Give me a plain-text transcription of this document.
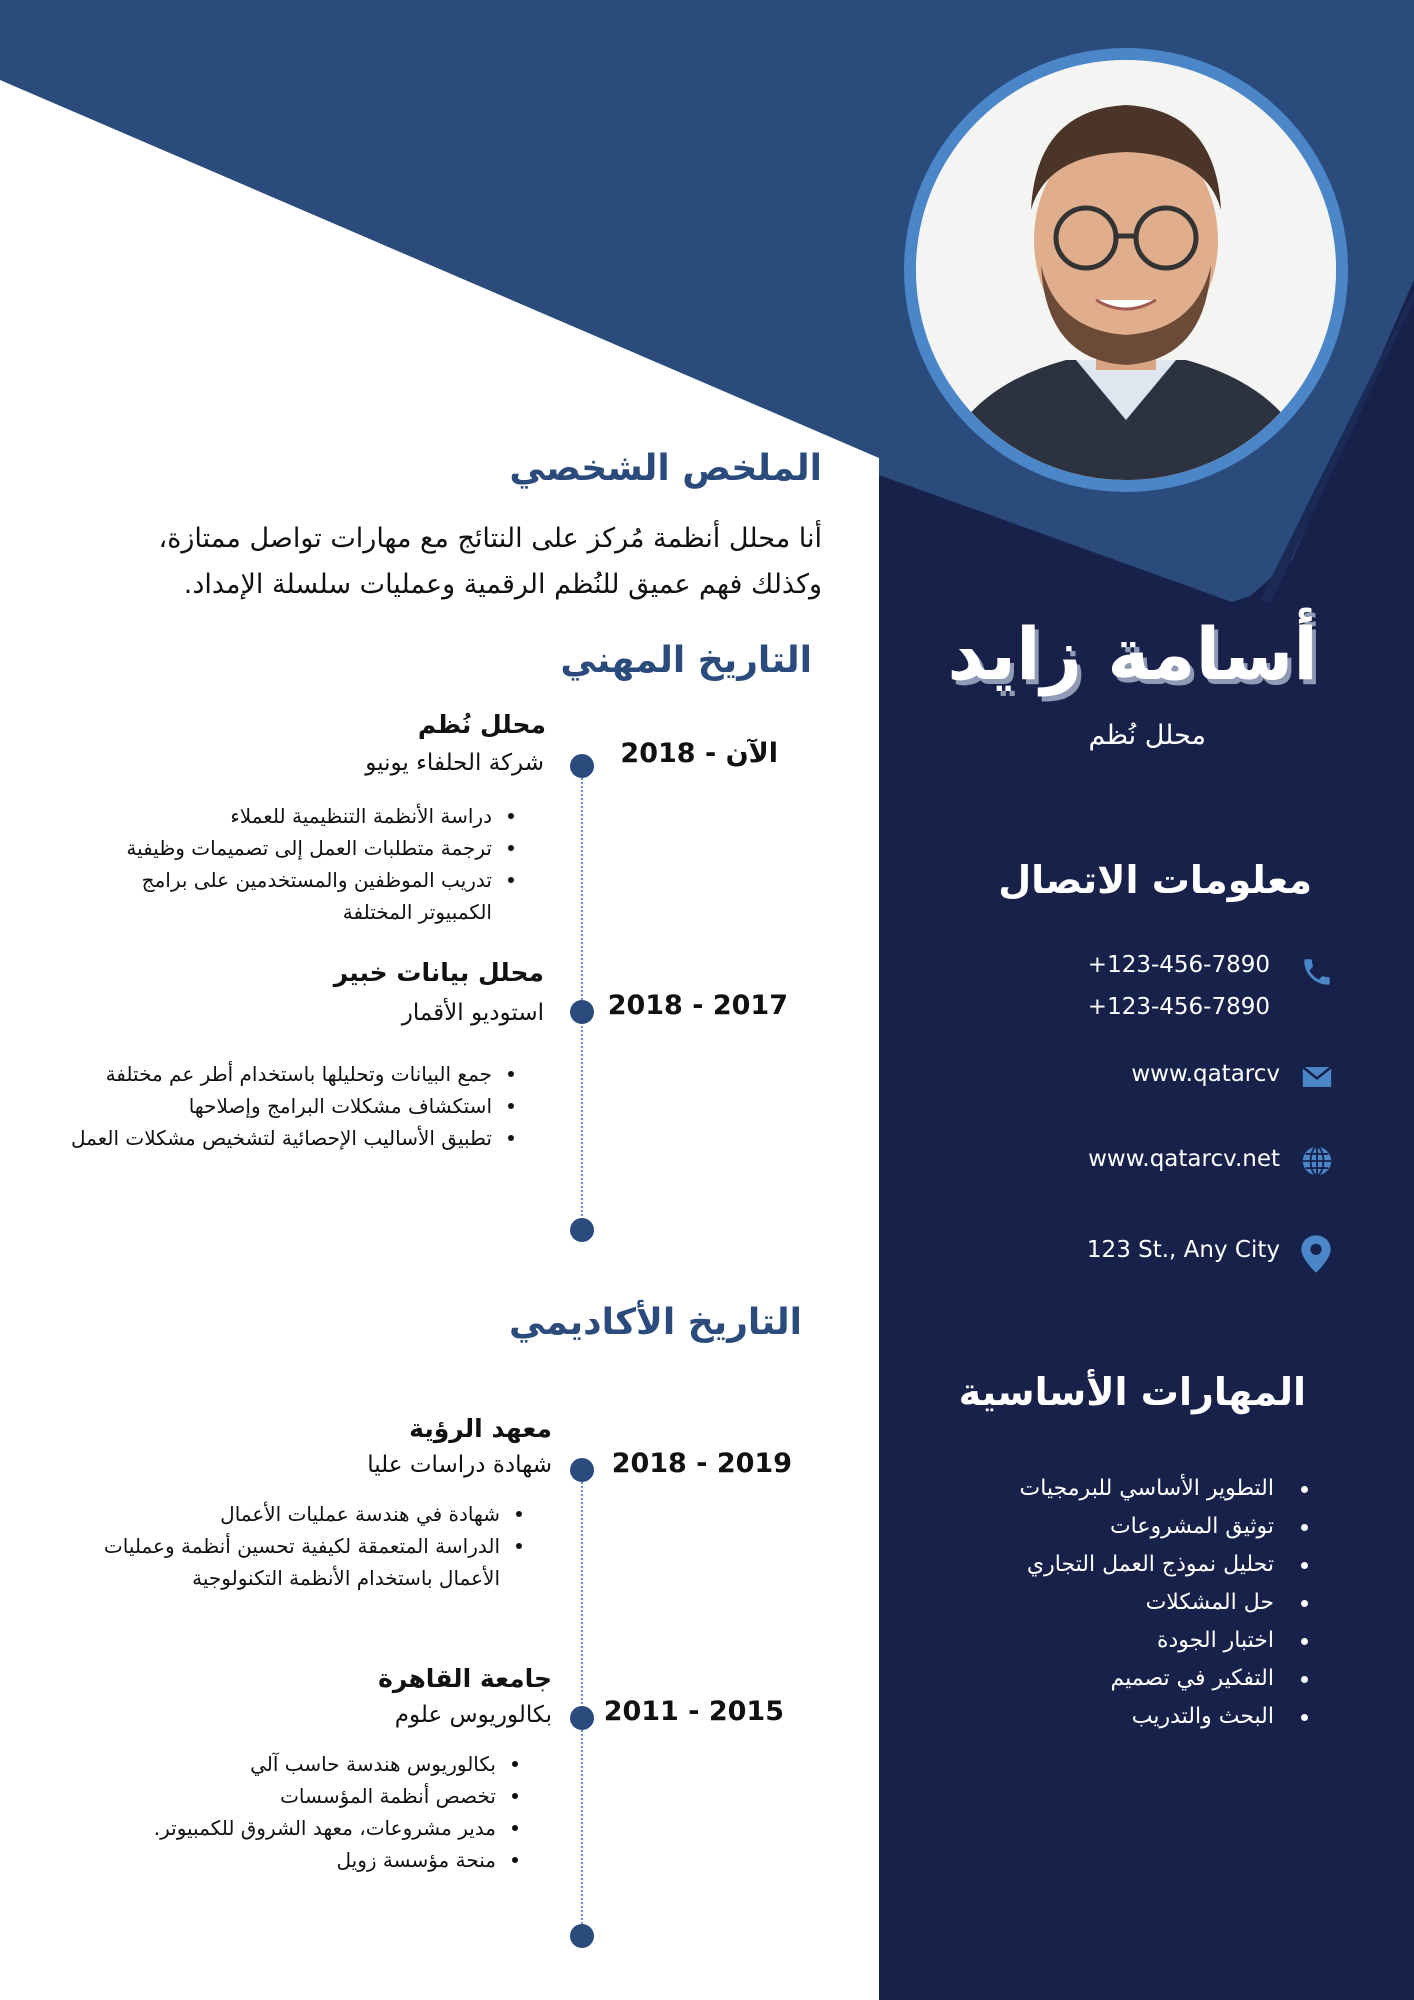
أسامة زايد
محلل نُظم
معلومات الاتصال
+123-456-7890
+123-456-7890
www.qatarcv
www.qatarcv.net
123 St., Any City
المهارات الأساسية
التطوير الأساسي للبرمجيات
توثيق المشروعات
تحليل نموذج العمل التجاري
حل المشكلات
اختبار الجودة
التفكير في تصميم
البحث والتدريب
الملخص الشخصي
أنا محلل أنظمة مُركز على النتائج مع مهارات تواصل ممتازة، وكذلك فهم عميق للنُظم الرقمية وعمليات سلسلة الإمداد.
التاريخ المهني
الآن - 2018
محلل نُظم
شركة الحلفاء يونيو
دراسة الأنظمة التنظيمية للعملاء
ترجمة متطلبات العمل إلى تصميمات وظيفية
تدريب الموظفين والمستخدمين على برامج الكمبيوتر المختلفة
2018 - 2017
محلل بيانات خبير
استوديو الأقمار
جمع البيانات وتحليلها باستخدام أطر عم مختلفة
استكشاف مشكلات البرامج وإصلاحها
تطبيق الأساليب الإحصائية لتشخيص مشكلات العمل
التاريخ الأكاديمي
2018 - 2019
معهد الرؤية
شهادة دراسات عليا
شهادة في هندسة عمليات الأعمال
الدراسة المتعمقة لكيفية تحسين أنظمة وعمليات الأعمال باستخدام الأنظمة التكنولوجية
2011 - 2015
جامعة القاهرة
بكالوريوس علوم
بكالوريوس هندسة حاسب آلي
تخصص أنظمة المؤسسات
مدير مشروعات، معهد الشروق للكمبيوتر.
منحة مؤسسة زويل
